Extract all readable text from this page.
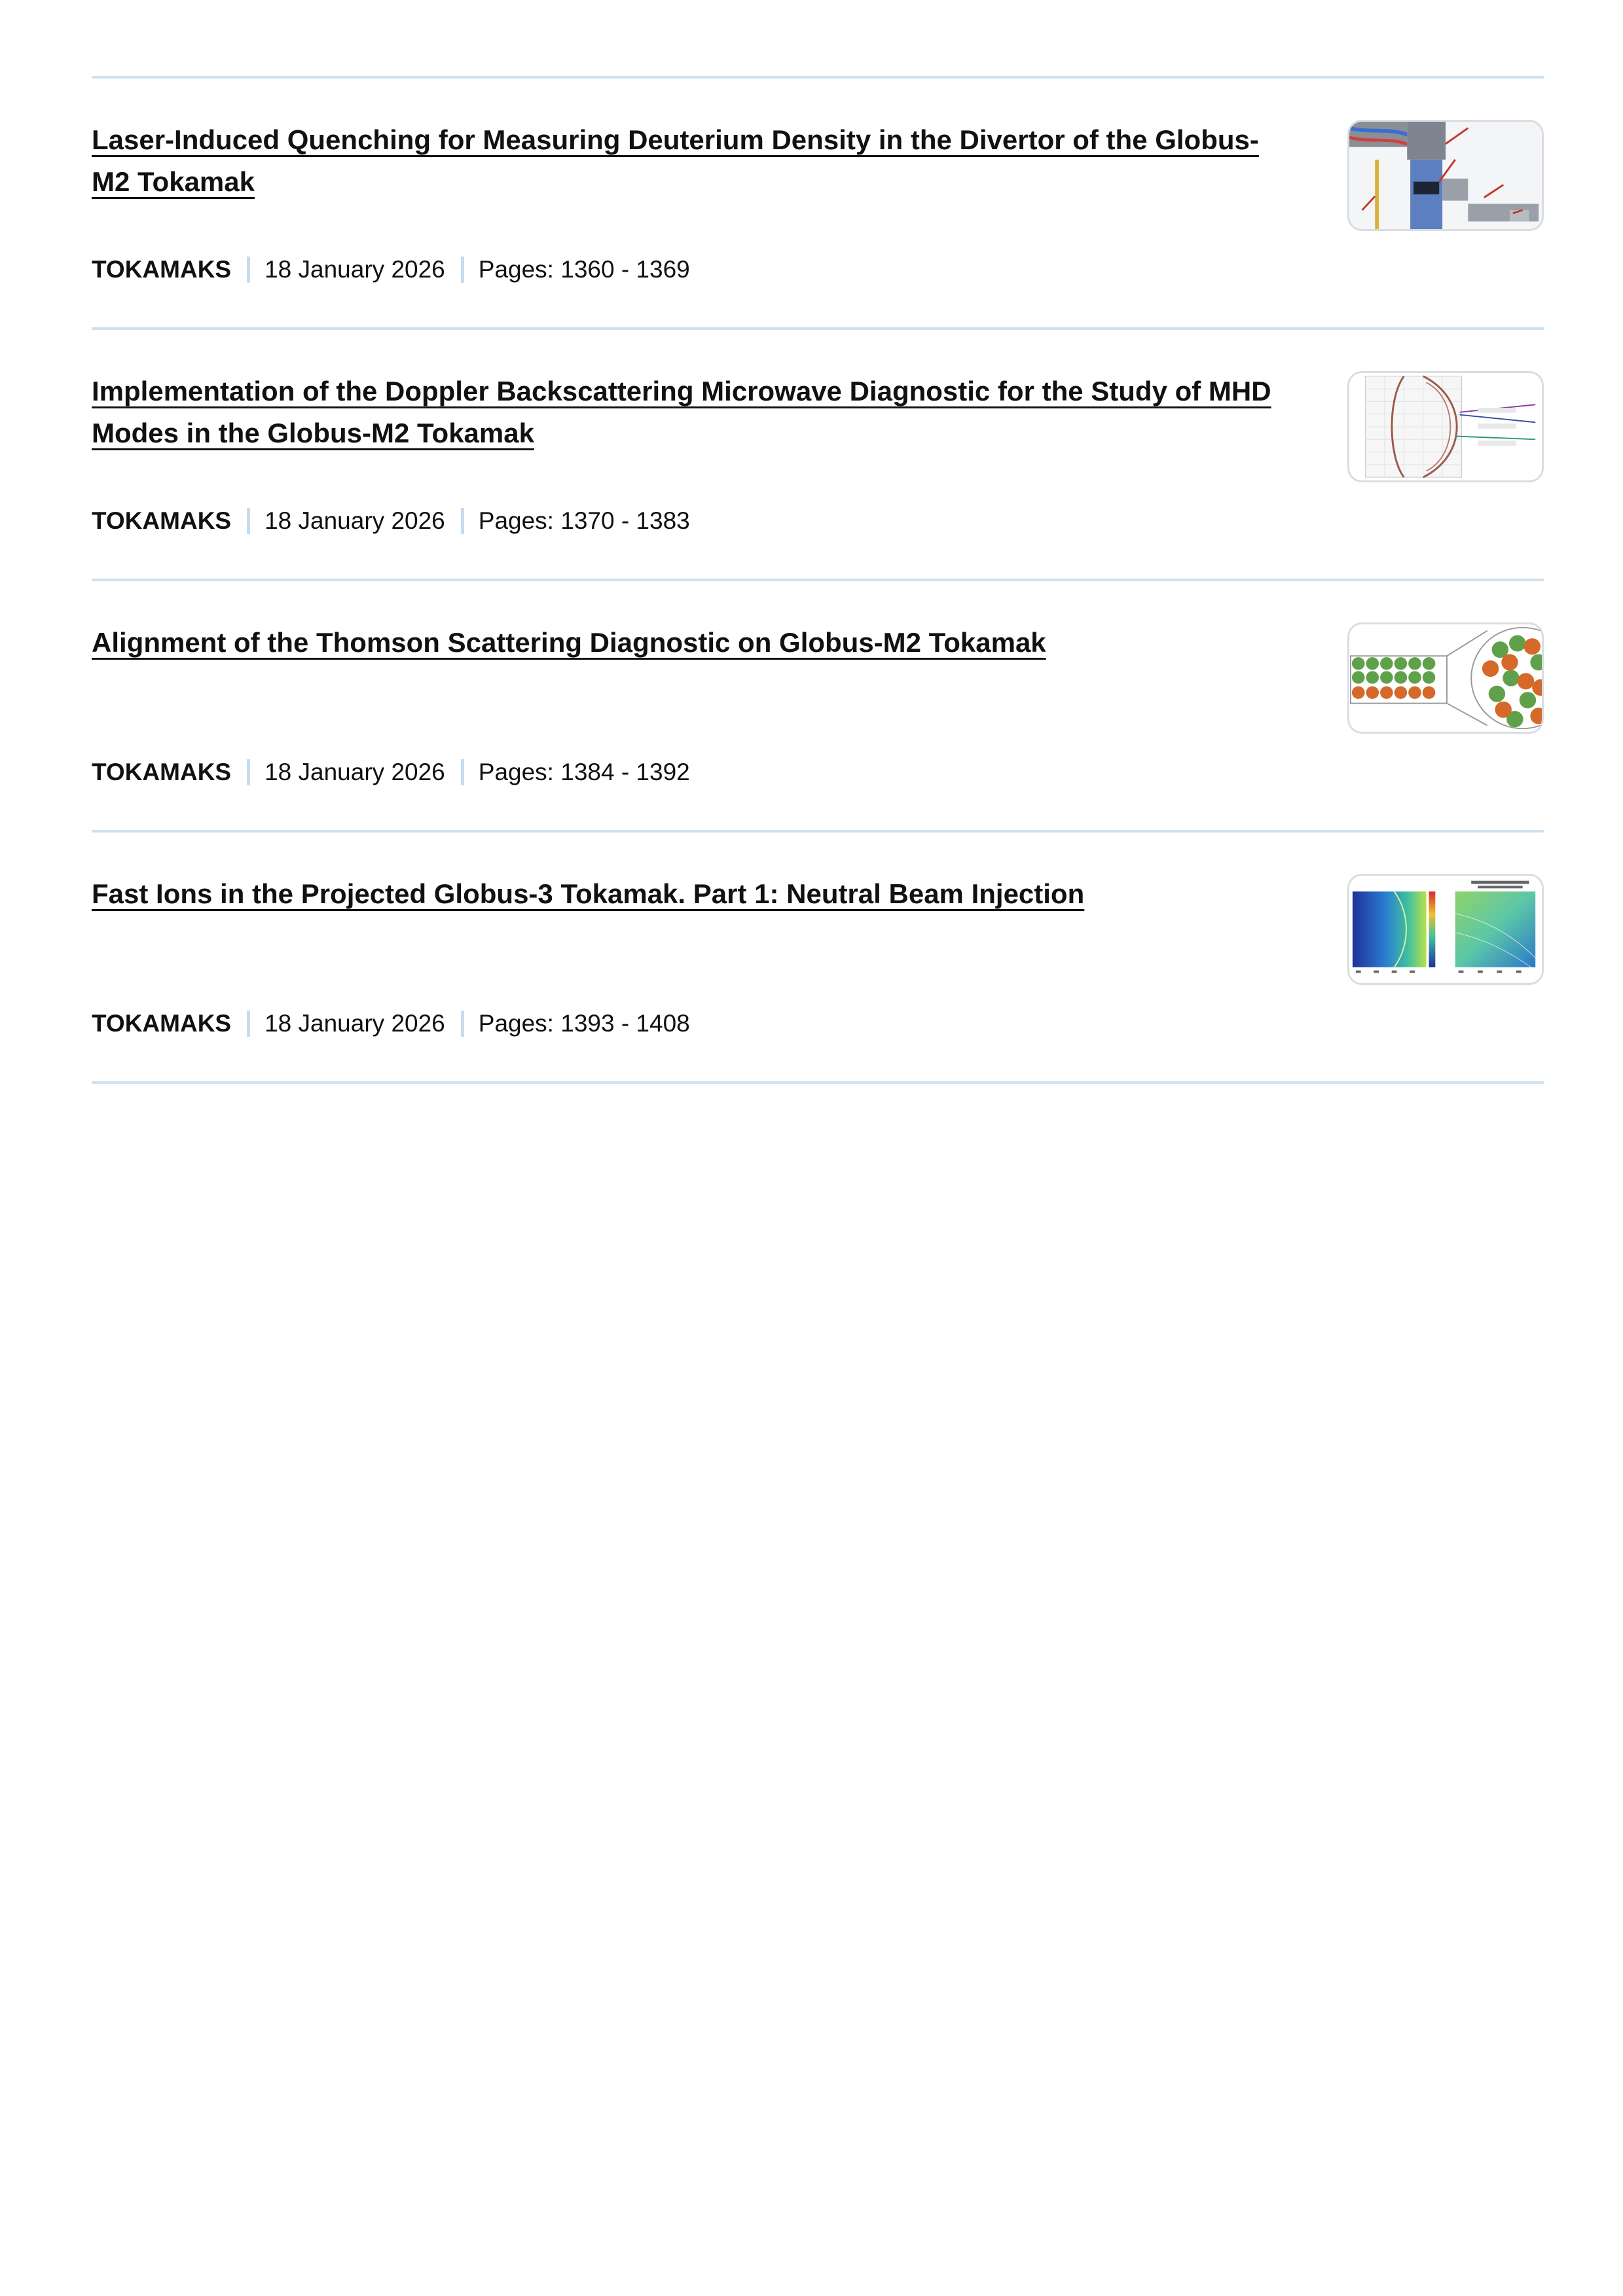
Laser-Induced Quenching for Measuring Deuterium Density in the Divertor of the Globus-M2 Tokamak
TOKAMAKS 18 January 2026 Pages: 1360 - 1369
Implementation of the Doppler Backscattering Microwave Diagnostic for the Study of MHD Modes in the Globus-M2 Tokamak
TOKAMAKS 18 January 2026 Pages: 1370 - 1383
Alignment of the Thomson Scattering Diagnostic on Globus-M2 Tokamak
TOKAMAKS 18 January 2026 Pages: 1384 - 1392
Fast Ions in the Projected Globus-3 Tokamak. Part 1: Neutral Beam Injection
TOKAMAKS 18 January 2026 Pages: 1393 - 1408
